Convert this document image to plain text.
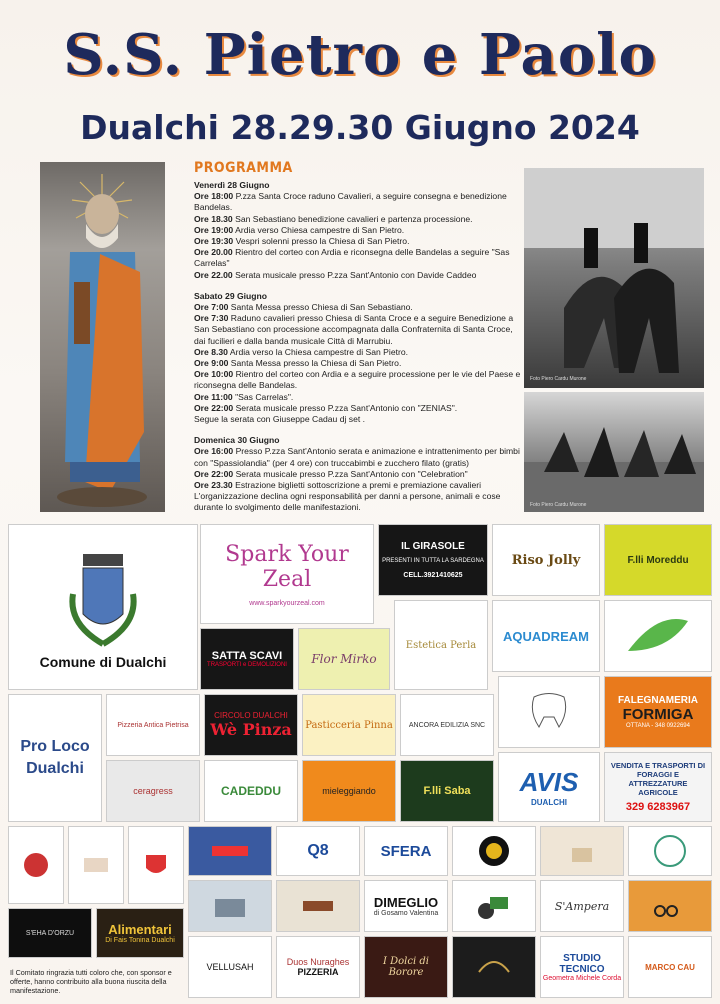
S.S. Pietro e Paolo
Dualchi 28.29.30 Giugno 2024
PROGRAMMA
Venerdì 28 Giugno
Ore 18:00 P.zza Santa Croce raduno Cavalieri, a seguire consegna e benedizione Bandelas.
Ore 18.30 San Sebastiano benedizione cavalieri e partenza processione.
Ore 19:00 Ardia verso Chiesa campestre di San Pietro.
Ore 19:30 Vespri solenni presso la Chiesa di San Pietro.
Ore 20.00 Rientro del corteo con Ardia e riconsegna delle Bandelas a seguire "Sas Carrelas"
Ore 22.00 Serata musicale presso P.zza Sant'Antonio con Davide Caddeo
Sabato 29 Giugno
Ore 7:00 Santa Messa presso Chiesa di San Sebastiano.
Ore 7:30 Raduno cavalieri presso Chiesa di Santa Croce e a seguire Benedizione a San Sebastiano con processione accompagnata dalla Confraternita di Santa Croce, dai fucilieri e dalla banda musicale Città di Marrubiu.
Ore 8.30 Ardia verso la Chiesa campestre di San Pietro.
Ore 9:00 Santa Messa presso la Chiesa di San Pietro.
Ore 10:00 Rientro del corteo con Ardia e a seguire processione per le vie del Paese e riconsegna delle Bandelas.
Ore 11:00 "Sas Carrelas".
Ore 22:00 Serata musicale presso P.zza Sant'Antonio con "ZENIAS".
Segue la serata con Giuseppe Cadau dj set .
Domenica 30 Giugno
Ore 16:00 Presso P.zza Sant'Antonio serata e animazione e intrattenimento per bimbi con "Spassiolandia" (per 4 ore) con truccabimbi e zucchero filato (gratis)
Ore 22:00 Serata musicale presso P.zza Sant'Antonio con "Celebration"
Ore 23.30 Estrazione biglietti sottoscrizione a premi e premiazione cavalieri
L'organizzazione declina ogni responsabilità per danni a persone, animali e cose durante lo svolgimento delle manifestazioni.
Foto Piero Cardu Murone
Foto Piero Cardu Murone
Comune di Dualchi
Pro Loco Dualchi
Spark Your Zeal
www.sparkyourzeal.com
IL GIRASOLE
PRESENTI IN TUTTA LA SARDEGNA
CELL.3921410625
Riso Jolly	F.lli Moreddu
SATTA SCAVI
TRASPORTI e DEMOLIZIONI Flor Mirko
Estetica Perla
AQUADREAM
Pizzeria Antica Pietrisa
CIRCOLO DUALCHI
Wè Pinza Pasticceria Pinna ANCORA EDILIZIA SNC
FALEGNAMERIA
FORMIGA
OTTANA - 348 0922694
ceragress	CADEDDU	mieleggiando	F.lli Saba AVIS
DUALCHI
VENDITA E TRASPORTI DI FORAGGI E ATTREZZATURE AGRICOLE
329 6283967
Q8	SFERA
DIMEGLIO
di Gosamo Valentina
S'Ampera
S'EHA D'ORZU	Alimentari
Di Fais Tonina Dualchi
VELLUSAH	Duos Nuraghes
PIZZERIA
I Dolci di Borore
STUDIO TECNICO
Geometra Michele Corda
MARCO CAU
Il Comitato ringrazia tutti coloro che, con sponsor e offerte, hanno contribuito alla buona riuscita della manifestazione.
